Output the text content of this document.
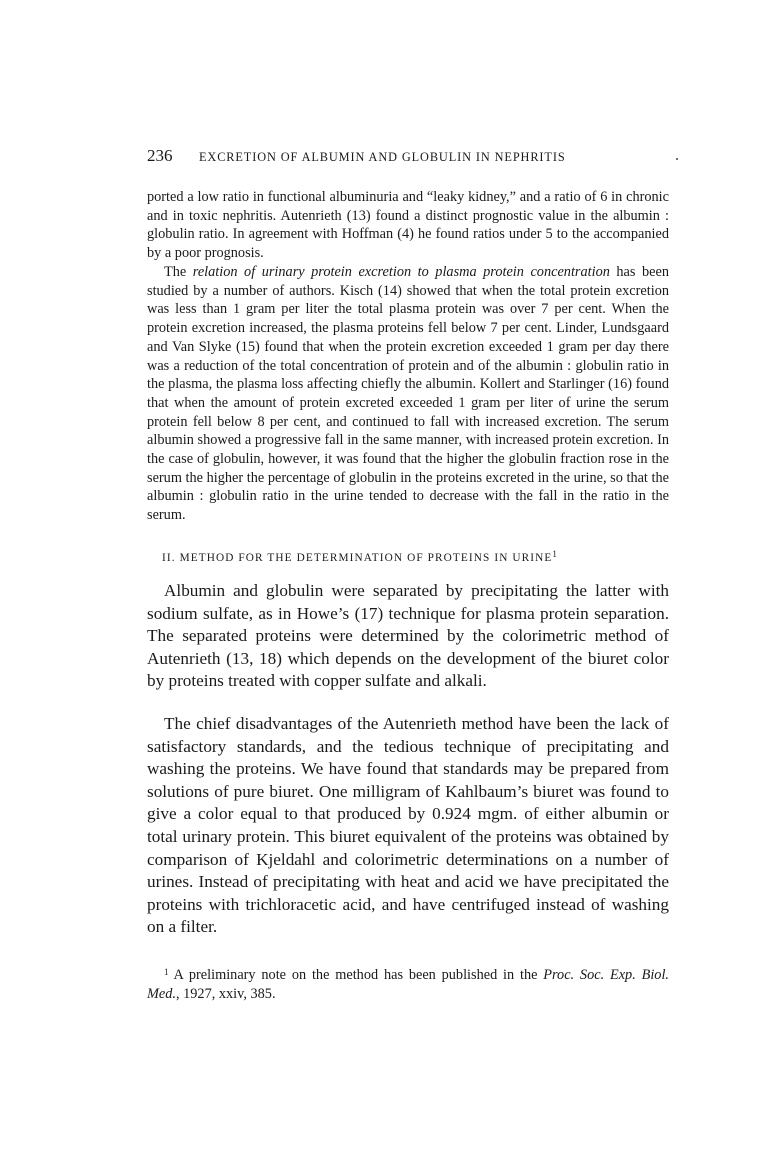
236	EXCRETION OF ALBUMIN AND GLOBULIN IN NEPHRITIS

ported a low ratio in functional albuminuria and “leaky kidney,” and a ratio of 6 in chronic and in toxic nephritis. Autenrieth (13) found a distinct prognostic value in the albumin : globulin ratio. In agreement with Hoffman (4) he found ratios under 5 to the accompanied by a poor prognosis.

The relation of urinary protein excretion to plasma protein concentration has been studied by a number of authors. Kisch (14) showed that when the total protein excretion was less than 1 gram per liter the total plasma protein was over 7 per cent. When the protein excretion increased, the plasma proteins fell below 7 per cent. Linder, Lundsgaard and Van Slyke (15) found that when the protein excretion exceeded 1 gram per day there was a reduction of the total concentration of protein and of the albumin : globulin ratio in the plasma, the plasma loss affecting chiefly the albumin. Kollert and Starlinger (16) found that when the amount of protein excreted exceeded 1 gram per liter of urine the serum protein fell below 8 per cent, and continued to fall with increased excretion. The serum albumin showed a progressive fall in the same manner, with increased protein excretion. In the case of globulin, however, it was found that the higher the globulin fraction rose in the serum the higher the percentage of globulin in the proteins excreted in the urine, so that the albumin : globulin ratio in the urine tended to decrease with the fall in the ratio in the serum.

II. METHOD FOR THE DETERMINATION OF PROTEINS IN URINE$^1$

Albumin and globulin were separated by precipitating the latter with sodium sulfate, as in Howe’s (17) technique for plasma protein separation. The separated proteins were determined by the colorimetric method of Autenrieth (13, 18) which depends on the development of the biuret color by proteins treated with copper sulfate and alkali.

The chief disadvantages of the Autenrieth method have been the lack of satisfactory standards, and the tedious technique of precipitating and washing the proteins. We have found that standards may be prepared from solutions of pure biuret. One milligram of Kahlbaum’s biuret was found to give a color equal to that produced by 0.924 mgm. of either albumin or total urinary protein. This biuret equivalent of the proteins was obtained by comparison of Kjeldahl and colorimetric determinations on a number of urines. Instead of precipitating with heat and acid we have precipitated the proteins with trichloracetic acid, and have centrifuged instead of washing on a filter.

$^1$ A preliminary note on the method has been published in the Proc. Soc. Exp. Biol. Med., 1927, xxiv, 385.
